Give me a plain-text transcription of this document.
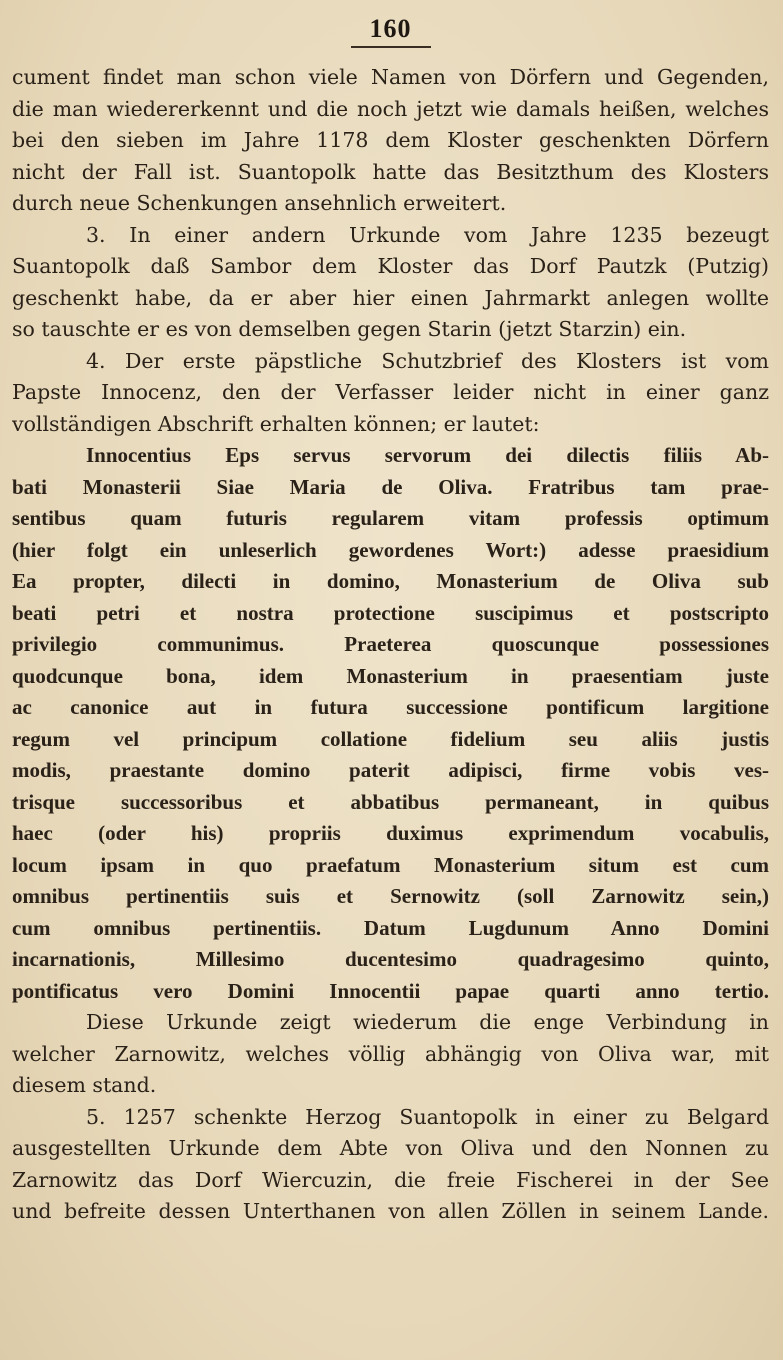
160
cument findet man schon viele Namen von Dörfern und Gegenden,
die man wiedererkennt und die noch jetzt wie damals heißen, welches
bei den sieben im Jahre 1178 dem Kloster geschenkten Dörfern
nicht der Fall ist. Suantopolk hatte das Besitzthum des Klosters
durch neue Schenkungen ansehnlich erweitert.
3. In einer andern Urkunde vom Jahre 1235 bezeugt
Suantopolk daß Sambor dem Kloster das Dorf Pautzk (Putzig)
geschenkt habe, da er aber hier einen Jahrmarkt anlegen wollte
so tauschte er es von demselben gegen Starin (jetzt Starzin) ein.
4. Der erste päpstliche Schutzbrief des Klosters ist vom
Papste Innocenz, den der Verfasser leider nicht in einer ganz
vollständigen Abschrift erhalten können; er lautet:
Innocentius Eps servus servorum dei dilectis filiis Ab-
bati Monasterii Siae Maria de Oliva. Fratribus tam prae-
sentibus quam futuris regularem vitam professis optimum
(hier folgt ein unleserlich gewordenes Wort:) adesse praesidium
Ea propter, dilecti in domino, Monasterium de Oliva sub
beati petri et nostra protectione suscipimus et postscripto
privilegio communimus. Praeterea quoscunque possessiones
quodcunque bona, idem Monasterium in praesentiam juste
ac canonice aut in futura successione pontificum largitione
regum vel principum collatione fidelium seu aliis justis
modis, praestante domino paterit adipisci, firme vobis ves-
trisque successoribus et abbatibus permaneant, in quibus
haec (oder his) propriis duximus exprimendum vocabulis,
locum ipsam in quo praefatum Monasterium situm est cum
omnibus pertinentiis suis et Sernowitz (soll Zarnowitz sein,)
cum omnibus pertinentiis. Datum Lugdunum Anno Domini
incarnationis, Millesimo ducentesimo quadragesimo quinto,
pontificatus vero Domini Innocentii papae quarti anno tertio.
Diese Urkunde zeigt wiederum die enge Verbindung in
welcher Zarnowitz, welches völlig abhängig von Oliva war, mit
diesem stand.
5. 1257 schenkte Herzog Suantopolk in einer zu Belgard
ausgestellten Urkunde dem Abte von Oliva und den Nonnen zu
Zarnowitz das Dorf Wiercuzin, die freie Fischerei in der See
und befreite dessen Unterthanen von allen Zöllen in seinem Lande.
